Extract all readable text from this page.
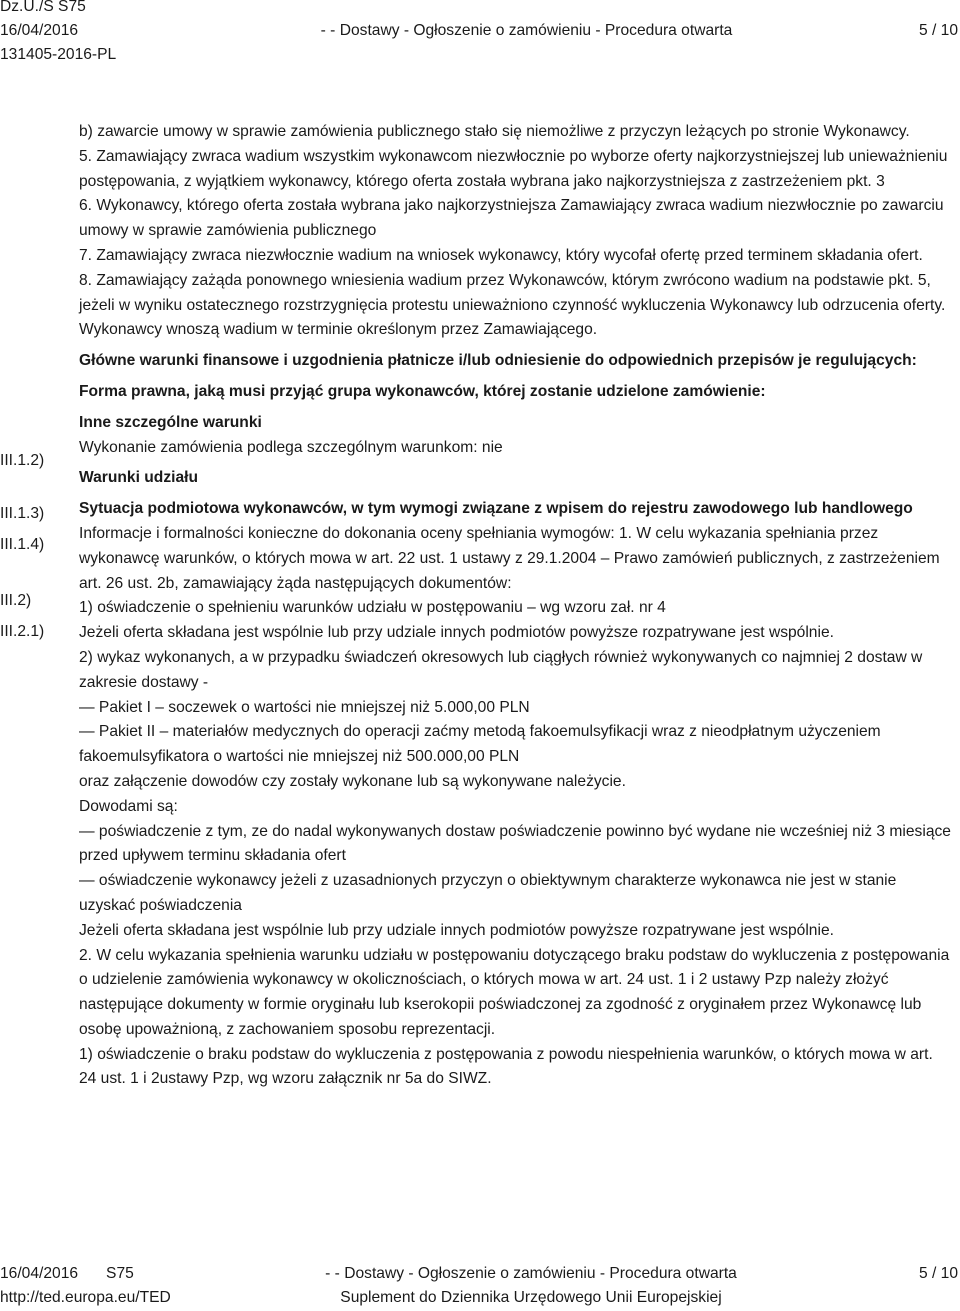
Dz.U./S S75
16/04/2016	- - Dostawy - Ogłoszenie o zamówieniu - Procedura otwarta	5 / 10
131405-2016-PL
III.1.2)
III.1.3)
III.1.4)
III.2)
III.2.1)

b) zawarcie umowy w sprawie zamówienia publicznego stało się niemożliwe z przyczyn leżących po stronie Wykonawcy.

5. Zamawiający zwraca wadium wszystkim wykonawcom niezwłocznie po wyborze oferty najkorzystniejszej lub unieważnieniu postępowania, z wyjątkiem wykonawcy, którego oferta została wybrana jako najkorzystniejsza z zastrzeżeniem pkt. 3

6. Wykonawcy, którego oferta została wybrana jako najkorzystniejsza Zamawiający zwraca wadium niezwłocznie po zawarciu umowy w sprawie zamówienia publicznego

7. Zamawiający zwraca niezwłocznie wadium na wniosek wykonawcy, który wycofał ofertę przed terminem składania ofert.

8. Zamawiający zażąda ponownego wniesienia wadium przez Wykonawców, którym zwrócono wadium na podstawie pkt. 5, jeżeli w wyniku ostatecznego rozstrzygnięcia protestu unieważniono czynność wykluczenia Wykonawcy lub odrzucenia oferty. Wykonawcy wnoszą wadium w terminie określonym przez Zamawiającego.

Główne warunki finansowe i uzgodnienia płatnicze i/lub odniesienie do odpowiednich przepisów je regulujących:

Forma prawna, jaką musi przyjąć grupa wykonawców, której zostanie udzielone zamówienie:

Inne szczególne warunki

Wykonanie zamówienia podlega szczególnym warunkom: nie

Warunki udziału

Sytuacja podmiotowa wykonawców, w tym wymogi związane z wpisem do rejestru zawodowego lub handlowego

Informacje i formalności konieczne do dokonania oceny spełniania wymogów: 1. W celu wykazania spełniania przez wykonawcę warunków, o których mowa w art. 22 ust. 1 ustawy z 29.1.2004 – Prawo zamówień publicznych, z zastrzeżeniem art. 26 ust. 2b, zamawiający żąda następujących dokumentów:

1) oświadczenie o spełnieniu warunków udziału w postępowaniu – wg wzoru zał. nr 4

Jeżeli oferta składana jest wspólnie lub przy udziale innych podmiotów powyższe rozpatrywane jest wspólnie.

2) wykaz wykonanych, a w przypadku świadczeń okresowych lub ciągłych również wykonywanych co najmniej 2 dostaw w zakresie dostawy -

— Pakiet I – soczewek o wartości nie mniejszej niż 5.000,00 PLN

— Pakiet II – materiałów medycznych do operacji zaćmy metodą fakoemulsyfikacji wraz z nieodpłatnym użyczeniem fakoemulsyfikatora o wartości nie mniejszej niż 500.000,00 PLN

oraz załączenie dowodów czy zostały wykonane lub są wykonywane należycie.

Dowodami są:

— poświadczenie z tym, ze do nadal wykonywanych dostaw poświadczenie powinno być wydane nie wcześniej niż 3 miesiące przed upływem terminu składania ofert

— oświadczenie wykonawcy jeżeli z uzasadnionych przyczyn o obiektywnym charakterze wykonawca nie jest w stanie uzyskać poświadczenia

Jeżeli oferta składana jest wspólnie lub przy udziale innych podmiotów powyższe rozpatrywane jest wspólnie.

2. W celu wykazania spełnienia warunku udziału w postępowaniu dotyczącego braku podstaw do wykluczenia z postępowania o udzielenie zamówienia wykonawcy w okolicznościach, o których mowa w art. 24 ust. 1 i 2 ustawy Pzp należy złożyć następujące dokumenty w formie oryginału lub kserokopii poświadczonej za zgodność z oryginałem przez Wykonawcę lub osobę upoważnioną, z zachowaniem sposobu reprezentacji.

1) oświadczenie o braku podstaw do wykluczenia z postępowania z powodu niespełnienia warunków, o których mowa w art. 24 ust. 1 i 2ustawy Pzp, wg wzoru załącznik nr 5a do SIWZ.

16/04/2016 S75	- - Dostawy - Ogłoszenie o zamówieniu - Procedura otwarta	5 / 10
http://ted.europa.eu/TED	Suplement do Dziennika Urzędowego Unii Europejskiej
